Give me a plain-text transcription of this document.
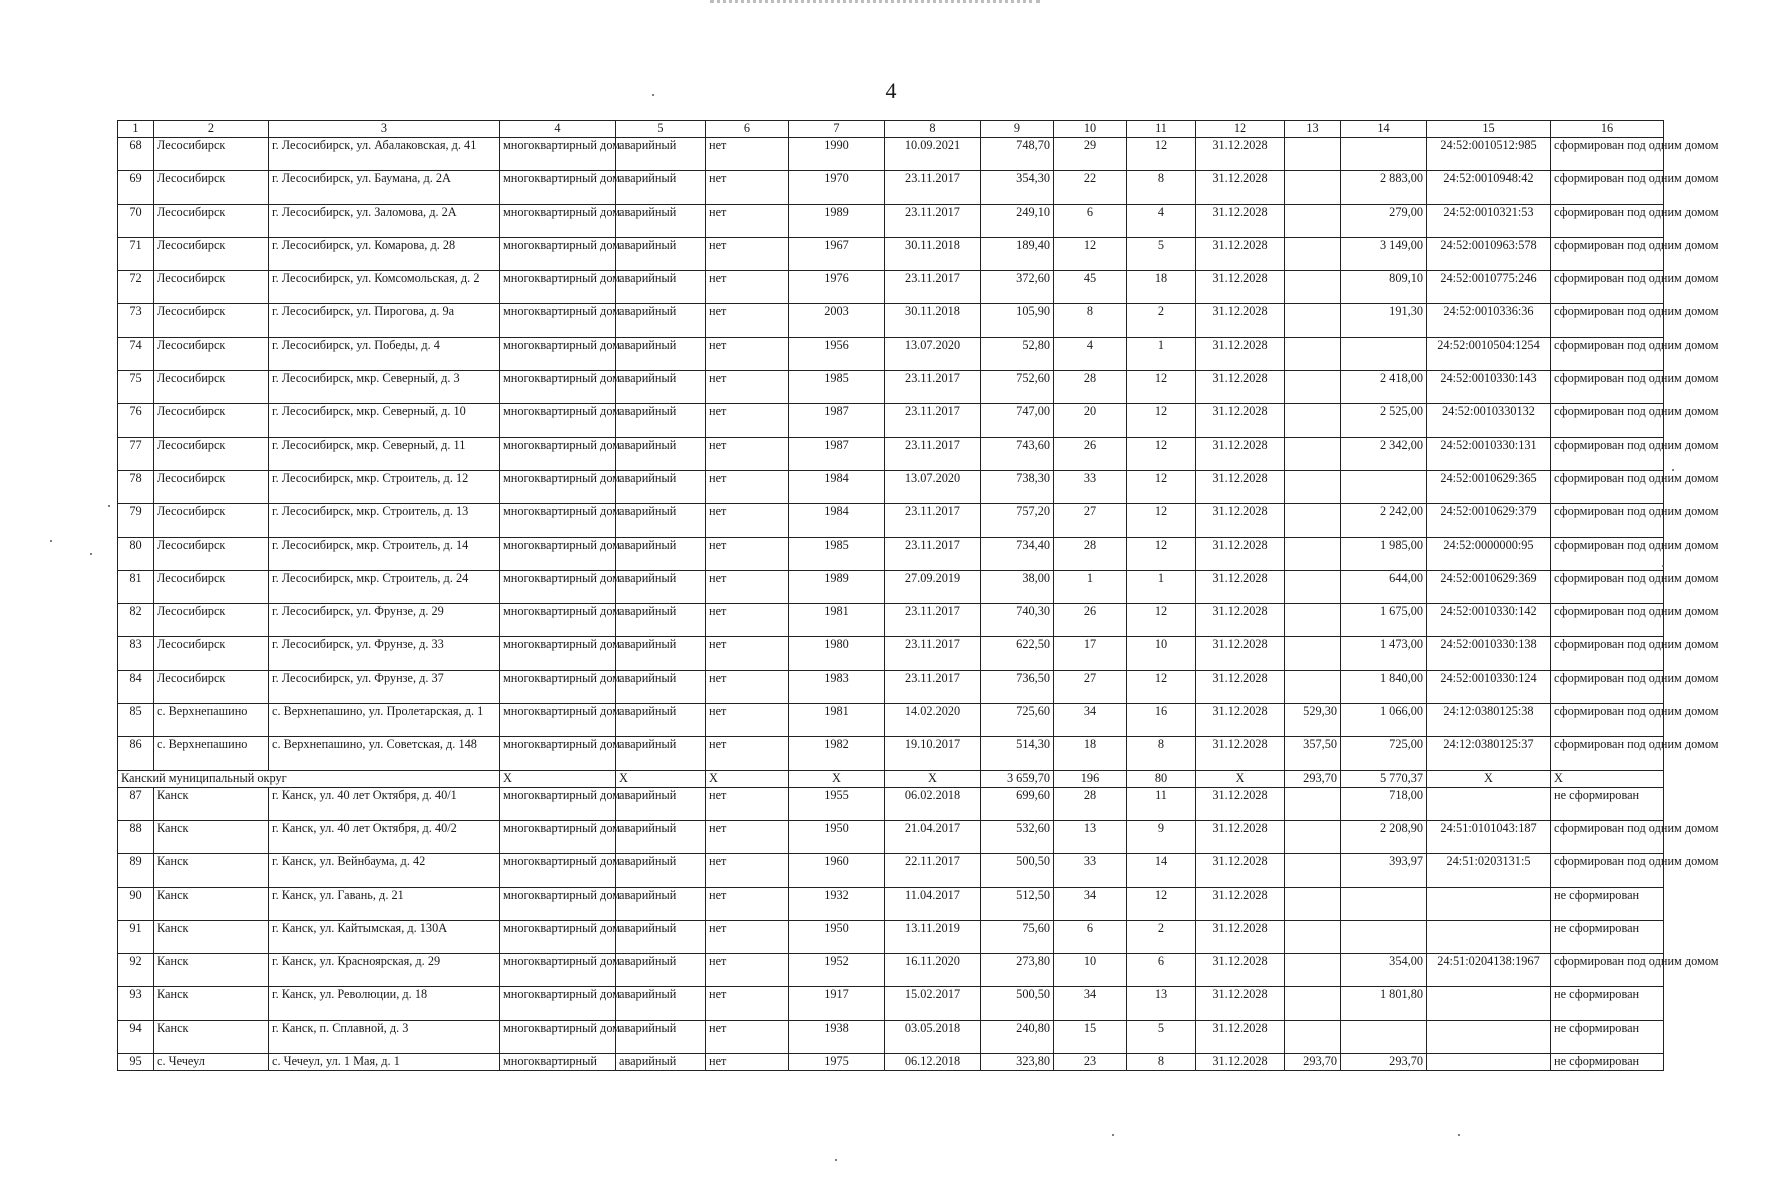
4
1	2	3	4	5	6	7	8	9	10	11	12	13	14	15	16
68	Лесосибирск	г. Лесосибирск, ул. Абалаковская, д. 41	многоквартирный дом	аварийный	нет	1990	10.09.2021	748,70	29	12	31.12.2028			24:52:0010512:985	сформирован под одним домом
69	Лесосибирск	г. Лесосибирск, ул. Баумана, д. 2А	многоквартирный дом	аварийный	нет	1970	23.11.2017	354,30	22	8	31.12.2028		2 883,00	24:52:0010948:42	сформирован под одним домом
70	Лесосибирск	г. Лесосибирск, ул. Заломова, д. 2А	многоквартирный дом	аварийный	нет	1989	23.11.2017	249,10	6	4	31.12.2028		279,00	24:52:0010321:53	сформирован под одним домом
71	Лесосибирск	г. Лесосибирск, ул. Комарова, д. 28	многоквартирный дом	аварийный	нет	1967	30.11.2018	189,40	12	5	31.12.2028		3 149,00	24:52:0010963:578	сформирован под одним домом
72	Лесосибирск	г. Лесосибирск, ул. Комсомольская, д. 2	многоквартирный дом	аварийный	нет	1976	23.11.2017	372,60	45	18	31.12.2028		809,10	24:52:0010775:246	сформирован под одним домом
73	Лесосибирск	г. Лесосибирск, ул. Пирогова, д. 9а	многоквартирный дом	аварийный	нет	2003	30.11.2018	105,90	8	2	31.12.2028		191,30	24:52:0010336:36	сформирован под одним домом
74	Лесосибирск	г. Лесосибирск, ул. Победы, д. 4	многоквартирный дом	аварийный	нет	1956	13.07.2020	52,80	4	1	31.12.2028			24:52:0010504:1254	сформирован под одним домом
75	Лесосибирск	г. Лесосибирск, мкр. Северный, д. 3	многоквартирный дом	аварийный	нет	1985	23.11.2017	752,60	28	12	31.12.2028		2 418,00	24:52:0010330:143	сформирован под одним домом
76	Лесосибирск	г. Лесосибирск, мкр. Северный, д. 10	многоквартирный дом	аварийный	нет	1987	23.11.2017	747,00	20	12	31.12.2028		2 525,00	24:52:0010330132	сформирован под одним домом
77	Лесосибирск	г. Лесосибирск, мкр. Северный, д. 11	многоквартирный дом	аварийный	нет	1987	23.11.2017	743,60	26	12	31.12.2028		2 342,00	24:52:0010330:131	сформирован под одним домом
78	Лесосибирск	г. Лесосибирск, мкр. Строитель, д. 12	многоквартирный дом	аварийный	нет	1984	13.07.2020	738,30	33	12	31.12.2028			24:52:0010629:365	сформирован под одним домом
79	Лесосибирск	г. Лесосибирск, мкр. Строитель, д. 13	многоквартирный дом	аварийный	нет	1984	23.11.2017	757,20	27	12	31.12.2028		2 242,00	24:52:0010629:379	сформирован под одним домом
80	Лесосибирск	г. Лесосибирск, мкр. Строитель, д. 14	многоквартирный дом	аварийный	нет	1985	23.11.2017	734,40	28	12	31.12.2028		1 985,00	24:52:0000000:95	сформирован под одним домом
81	Лесосибирск	г. Лесосибирск, мкр. Строитель, д. 24	многоквартирный дом	аварийный	нет	1989	27.09.2019	38,00	1	1	31.12.2028		644,00	24:52:0010629:369	сформирован под одним домом
82	Лесосибирск	г. Лесосибирск, ул. Фрунзе, д. 29	многоквартирный дом	аварийный	нет	1981	23.11.2017	740,30	26	12	31.12.2028		1 675,00	24:52:0010330:142	сформирован под одним домом
83	Лесосибирск	г. Лесосибирск, ул. Фрунзе, д. 33	многоквартирный дом	аварийный	нет	1980	23.11.2017	622,50	17	10	31.12.2028		1 473,00	24:52:0010330:138	сформирован под одним домом
84	Лесосибирск	г. Лесосибирск, ул. Фрунзе, д. 37	многоквартирный дом	аварийный	нет	1983	23.11.2017	736,50	27	12	31.12.2028		1 840,00	24:52:0010330:124	сформирован под одним домом
85	с. Верхнепашино	с. Верхнепашино, ул. Пролетарская, д. 1	многоквартирный дом	аварийный	нет	1981	14.02.2020	725,60	34	16	31.12.2028	529,30	1 066,00	24:12:0380125:38	сформирован под одним домом
86	с. Верхнепашино	с. Верхнепашино, ул. Советская, д. 148	многоквартирный дом	аварийный	нет	1982	19.10.2017	514,30	18	8	31.12.2028	357,50	725,00	24:12:0380125:37	сформирован под одним домом
Канский муниципальный округ			X	X	X	X	X	3 659,70	196	80	X	293,70	5 770,37	X	X
87	Канск	г. Канск, ул. 40 лет Октября, д. 40/1	многоквартирный дом	аварийный	нет	1955	06.02.2018	699,60	28	11	31.12.2028		718,00		не сформирован
88	Канск	г. Канск, ул. 40 лет Октября, д. 40/2	многоквартирный дом	аварийный	нет	1950	21.04.2017	532,60	13	9	31.12.2028		2 208,90	24:51:0101043:187	сформирован под одним домом
89	Канск	г. Канск, ул. Вейнбаума, д. 42	многоквартирный дом	аварийный	нет	1960	22.11.2017	500,50	33	14	31.12.2028		393,97	24:51:0203131:5	сформирован под одним домом
90	Канск	г. Канск, ул. Гавань, д. 21	многоквартирный дом	аварийный	нет	1932	11.04.2017	512,50	34	12	31.12.2028				не сформирован
91	Канск	г. Канск, ул. Кайтымская, д. 130А	многоквартирный дом	аварийный	нет	1950	13.11.2019	75,60	6	2	31.12.2028				не сформирован
92	Канск	г. Канск, ул. Красноярская, д. 29	многоквартирный дом	аварийный	нет	1952	16.11.2020	273,80	10	6	31.12.2028		354,00	24:51:0204138:1967	сформирован под одним домом
93	Канск	г. Канск, ул. Революции, д. 18	многоквартирный дом	аварийный	нет	1917	15.02.2017	500,50	34	13	31.12.2028		1 801,80		не сформирован
94	Канск	г. Канск, п. Сплавной, д. 3	многоквартирный дом	аварийный	нет	1938	03.05.2018	240,80	15	5	31.12.2028				не сформирован
95	с. Чечеул	с. Чечеул, ул. 1 Мая, д. 1	многоквартирный	аварийный	нет	1975	06.12.2018	323,80	23	8	31.12.2028	293,70	293,70		не сформирован
